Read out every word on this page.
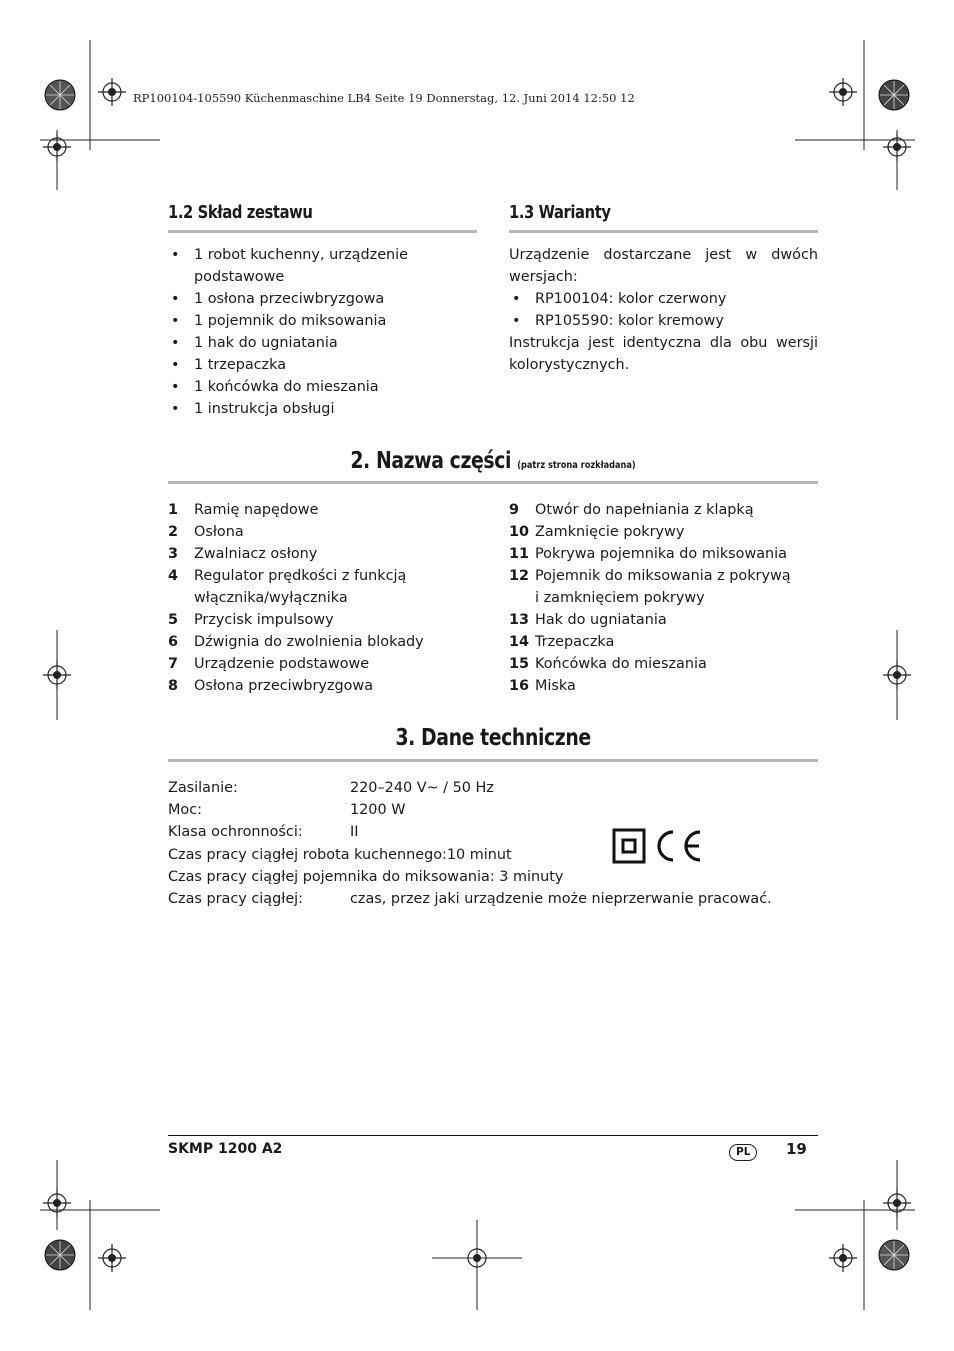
RP100104-105590 Küchenmaschine LB4 Seite 19 Donnerstag, 12. Juni 2014 12:50 12
1.2 Skład zestawu
• 1 robot kuchenny, urządzenie podstawowe
• 1 osłona przeciwbryzgowa
• 1 pojemnik do miksowania
• 1 hak do ugniatania
• 1 trzepaczka
• 1 końcówka do mieszania
• 1 instrukcja obsługi
1.3 Warianty
Urządzenie dostarczane jest w dwóch wersjach:
• RP100104: kolor czerwony
• RP105590: kolor kremowy
Instrukcja jest identyczna dla obu wersji kolorystycznych.
2. Nazwa części (patrz strona rozkładana)
1 Ramię napędowe
2 Osłona
3 Zwalniacz osłony
4 Regulator prędkości z funkcją włącznika/wyłącznika
5 Przycisk impulsowy
6 Dźwignia do zwolnienia blokady
7 Urządzenie podstawowe
8 Osłona przeciwbryzgowa
9 Otwór do napełniania z klapką
10 Zamknięcie pokrywy
11 Pokrywa pojemnika do miksowania
12 Pojemnik do miksowania z pokrywą i zamknięciem pokrywy
13 Hak do ugniatania
14 Trzepaczka
15 Końcówka do mieszania
16 Miska
3. Dane techniczne
Zasilanie:	220–240 V~ / 50 Hz
Moc:	1200 W
Klasa ochronności:	II
Czas pracy ciągłej robota kuchennego:10 minut
Czas pracy ciągłej pojemnika do miksowania: 3 minuty
Czas pracy ciągłej:	czas, przez jaki urządzenie może nieprzerwanie pracować.
SKMP 1200 A2	PL	19
